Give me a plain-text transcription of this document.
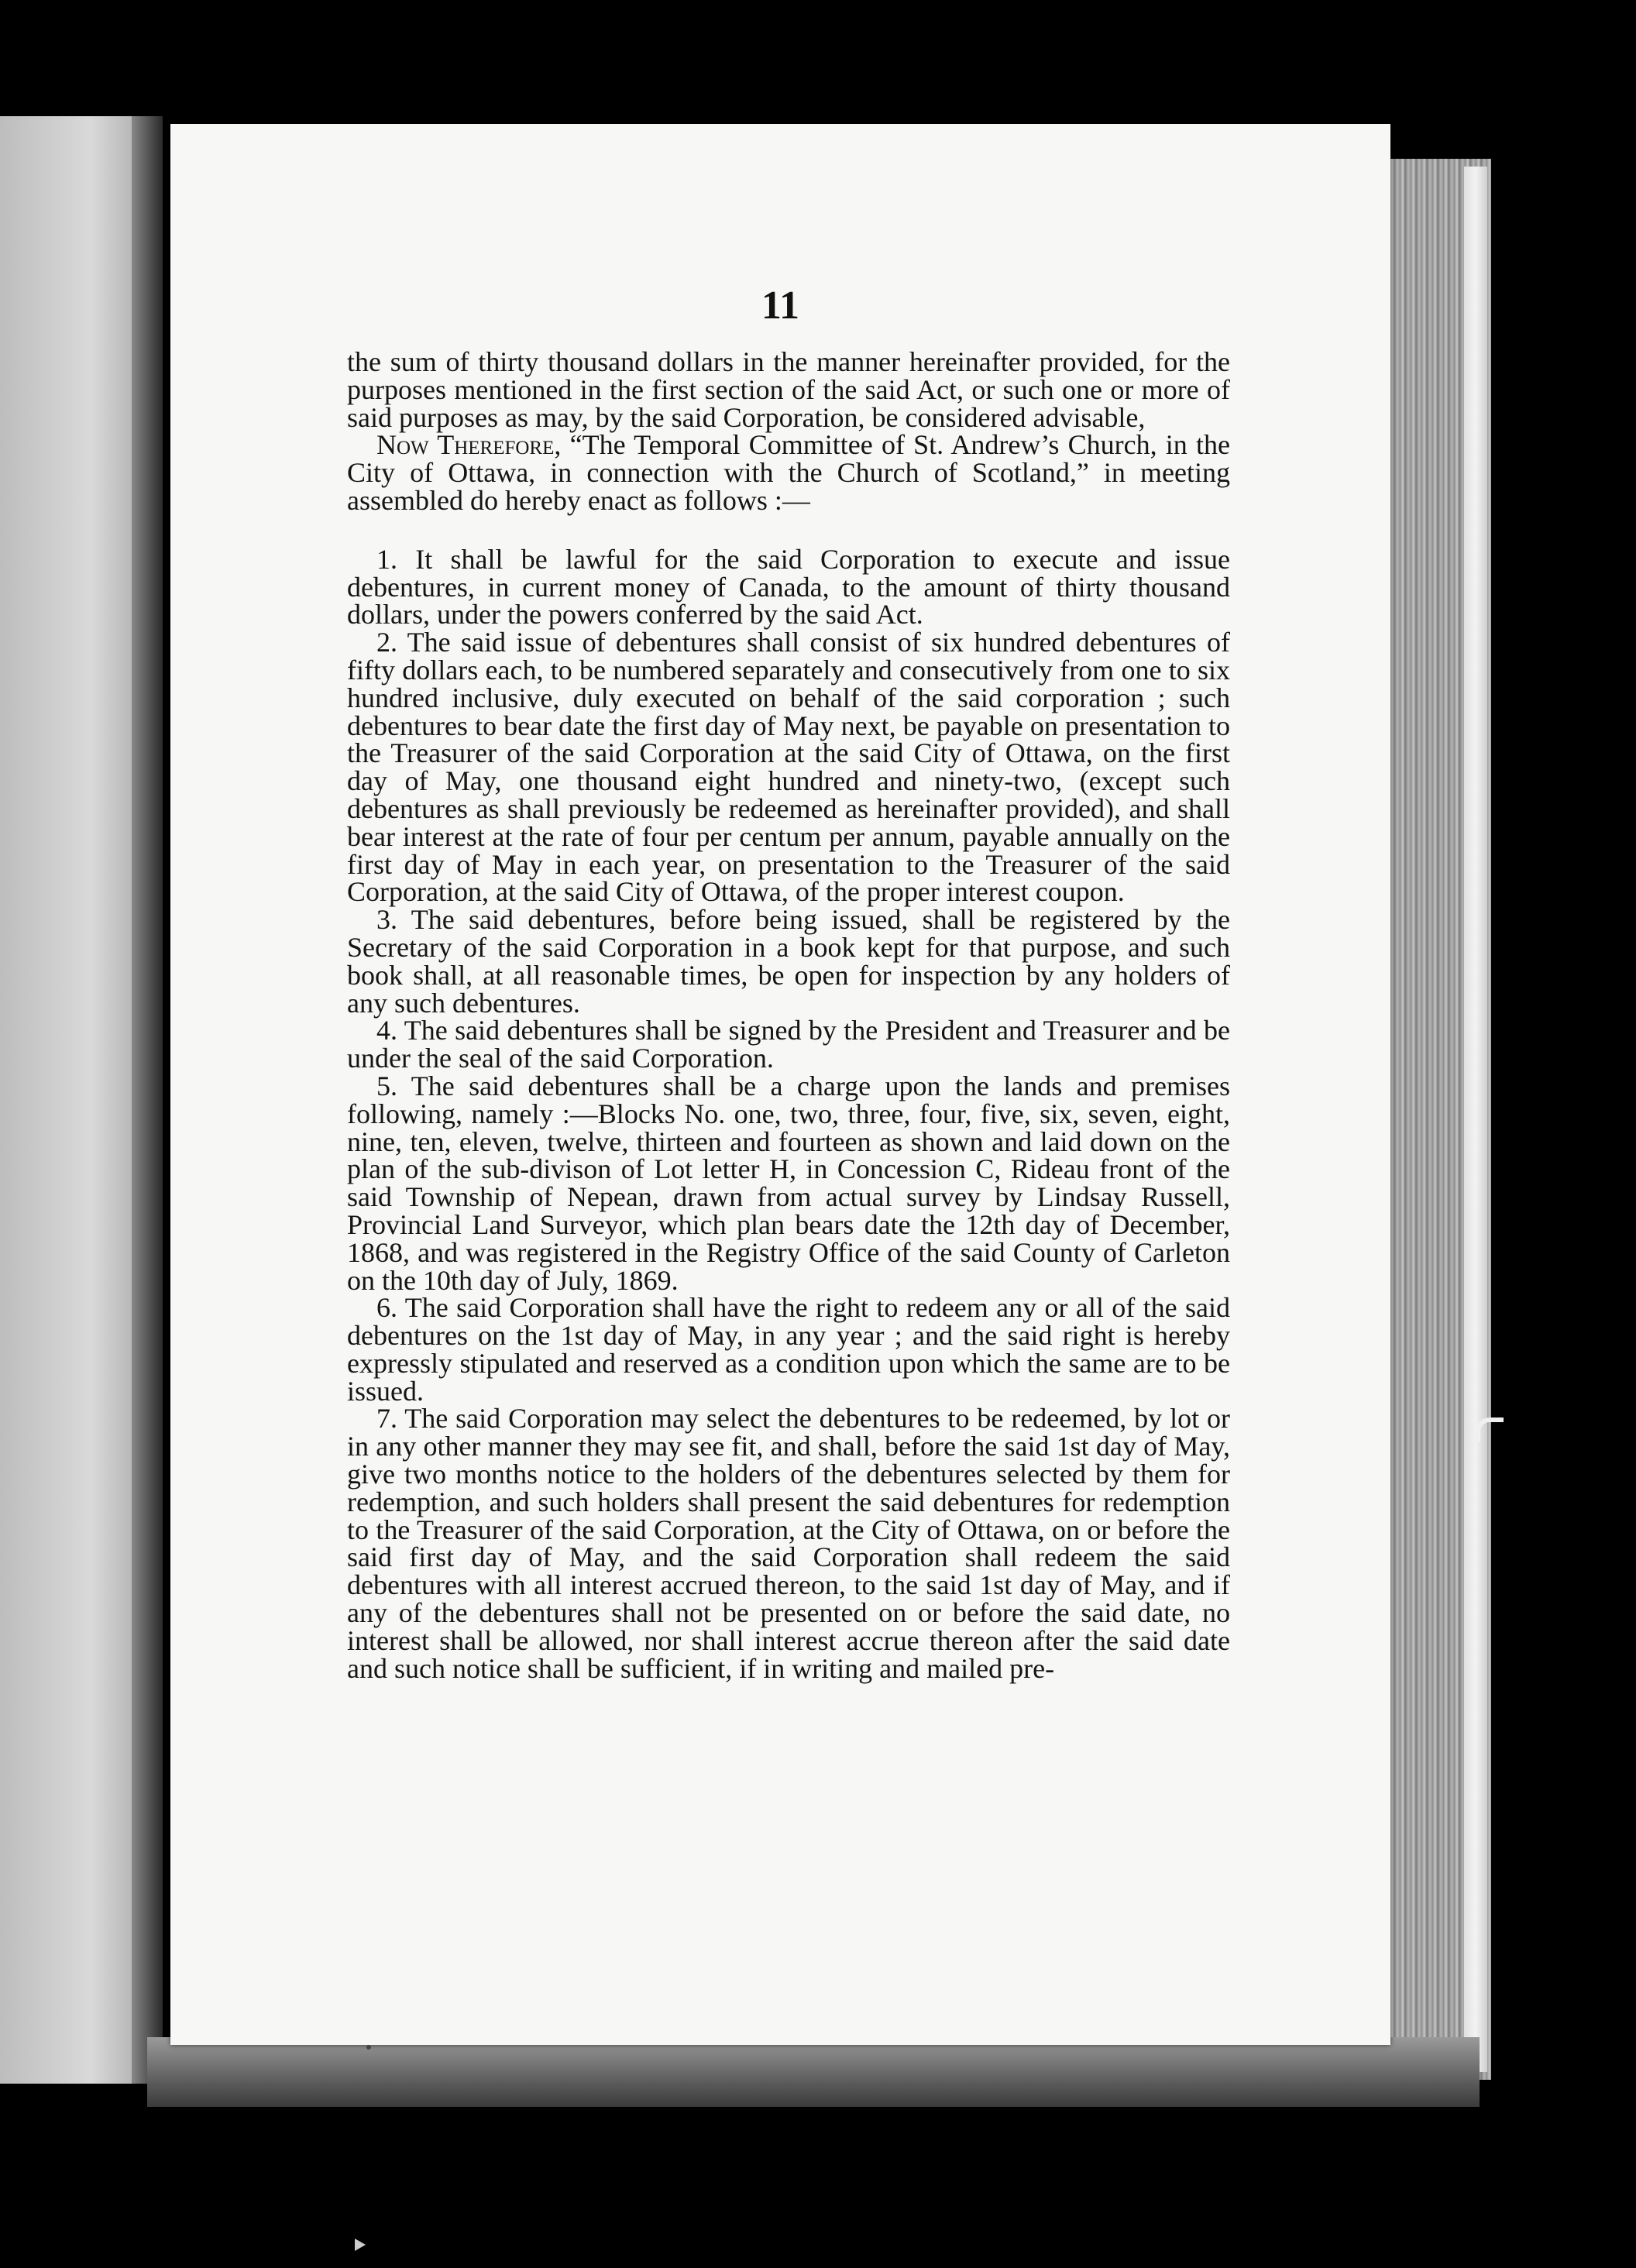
11

the sum of thirty thousand dollars in the manner hereinafter provided, for the purposes mentioned in the first section of the said Act, or such one or more of said purposes as may, by the said Corporation, be considered advisable,

Now Therefore, “The Temporal Committee of St. Andrew’s Church, in the City of Ottawa, in connection with the Church of Scotland,” in meeting assembled do hereby enact as follows :—

1. It shall be lawful for the said Corporation to execute and issue debentures, in current money of Canada, to the amount of thirty thousand dollars, under the powers conferred by the said Act.

2. The said issue of debentures shall consist of six hundred debentures of fifty dollars each, to be numbered separately and consecutively from one to six hundred inclusive, duly executed on behalf of the said corporation ; such debentures to bear date the first day of May next, be payable on presentation to the Treasurer of the said Corporation at the said City of Ottawa, on the first day of May, one thousand eight hundred and ninety-two, (except such debentures as shall previously be redeemed as hereinafter provided), and shall bear interest at the rate of four per centum per annum, payable annually on the first day of May in each year, on presentation to the Treasurer of the said Corporation, at the said City of Ottawa, of the proper interest coupon.

3. The said debentures, before being issued, shall be registered by the Secretary of the said Corporation in a book kept for that purpose, and such book shall, at all reasonable times, be open for inspection by any holders of any such debentures.

4. The said debentures shall be signed by the President and Treasurer and be under the seal of the said Corporation.

5. The said debentures shall be a charge upon the lands and premises following, namely :—Blocks No. one, two, three, four, five, six, seven, eight, nine, ten, eleven, twelve, thirteen and fourteen as shown and laid down on the plan of the sub-divison of Lot letter H, in Concession C, Rideau front of the said Township of Nepean, drawn from actual survey by Lindsay Russell, Provincial Land Surveyor, which plan bears date the 12th day of December, 1868, and was registered in the Registry Office of the said County of Carleton on the 10th day of July, 1869.

6. The said Corporation shall have the right to redeem any or all of the said debentures on the 1st day of May, in any year ; and the said right is hereby expressly stipulated and reserved as a condition upon which the same are to be issued.

7. The said Corporation may select the debentures to be redeemed, by lot or in any other manner they may see fit, and shall, before the said 1st day of May, give two months notice to the holders of the debentures selected by them for redemption, and such holders shall present the said debentures for redemption to the Treasurer of the said Corporation, at the City of Ottawa, on or before the said first day of May, and the said Corporation shall redeem the said debentures with all interest accrued thereon, to the said 1st day of May, and if any of the debentures shall not be presented on or before the said date, no interest shall be allowed, nor shall interest accrue thereon after the said date and such notice shall be sufficient, if in writing and mailed pre-
